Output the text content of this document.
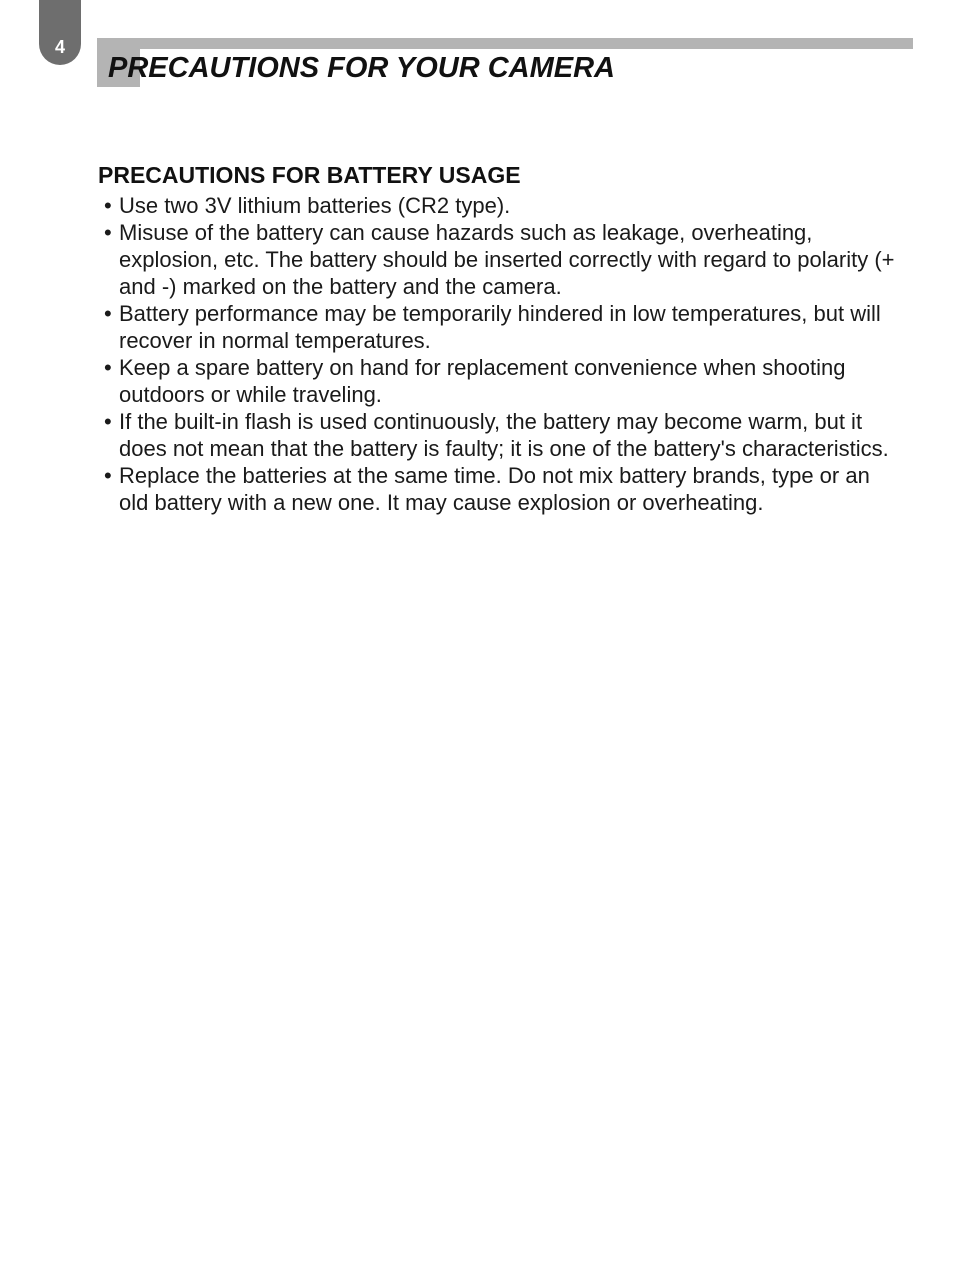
4
PRECAUTIONS FOR YOUR CAMERA
PRECAUTIONS FOR BATTERY USAGE
• Use two 3V lithium batteries (CR2 type).
• Misuse of the battery can cause hazards such as leakage, overheating, explosion, etc. The battery should be inserted correctly with regard to polarity (+ and -) marked on the battery and the camera.
• Battery performance may be temporarily hindered in low temperatures, but will recover in normal temperatures.
• Keep a spare battery on hand for replacement convenience when shooting outdoors or while traveling.
• If the built-in flash is used continuously, the battery may become warm, but it does not mean that the battery is faulty; it is one of the battery's characteristics.
• Replace the batteries at the same time. Do not mix battery brands, type or an old battery with a new one. It may cause explosion or overheating.
